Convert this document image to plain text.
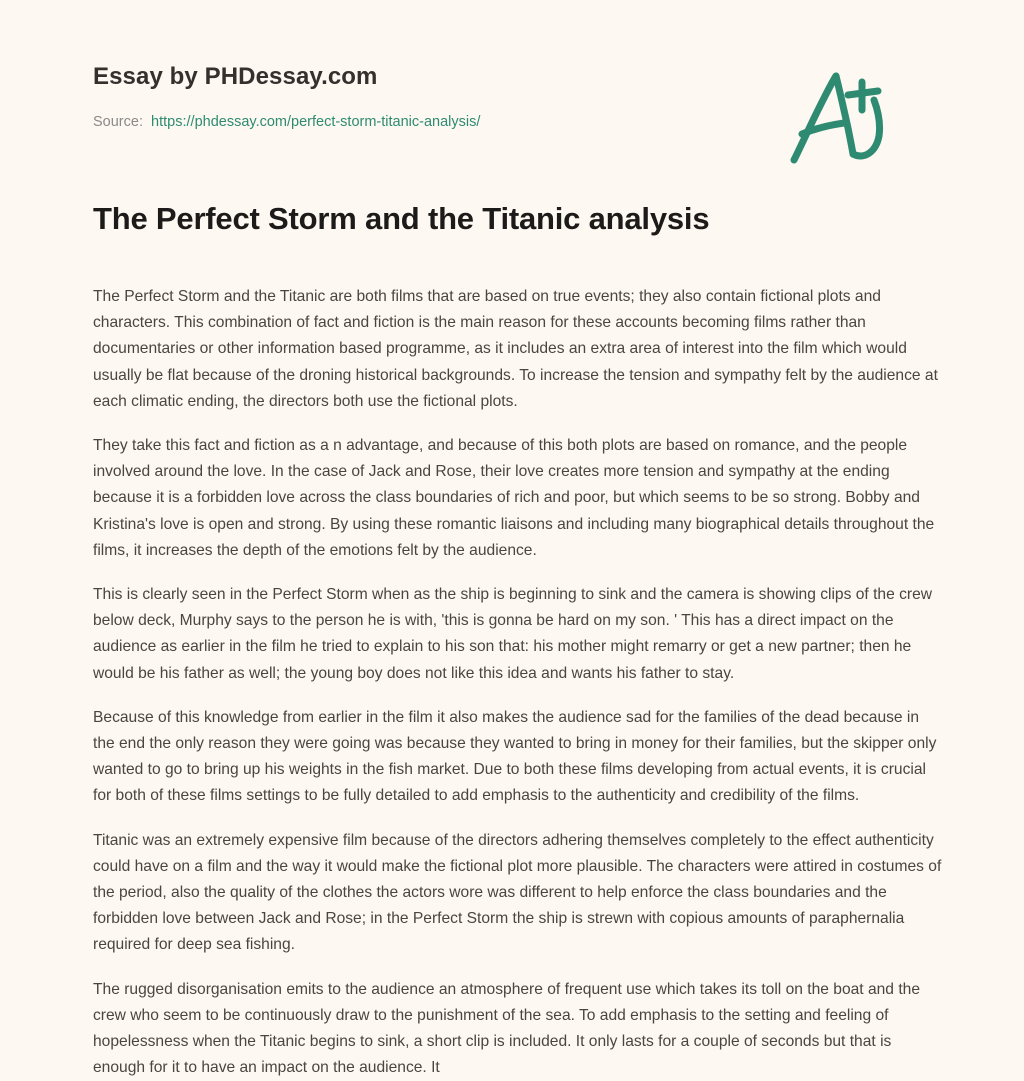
Essay by PHDessay.com
Source: https://phdessay.com/perfect-storm-titanic-analysis/
The Perfect Storm and the Titanic analysis

The Perfect Storm and the Titanic are both films that are based on true events; they also contain fictional plots and characters. This combination of fact and fiction is the main reason for these accounts becoming films rather than documentaries or other information based programme, as it includes an extra area of interest into the film which would usually be flat because of the droning historical backgrounds. To increase the tension and sympathy felt by the audience at each climatic ending, the directors both use the fictional plots.

They take this fact and fiction as a n advantage, and because of this both plots are based on romance, and the people involved around the love. In the case of Jack and Rose, their love creates more tension and sympathy at the ending because it is a forbidden love across the class boundaries of rich and poor, but which seems to be so strong. Bobby and Kristina's love is open and strong. By using these romantic liaisons and including many biographical details throughout the films, it increases the depth of the emotions felt by the audience.

This is clearly seen in the Perfect Storm when as the ship is beginning to sink and the camera is showing clips of the crew below deck, Murphy says to the person he is with, 'this is gonna be hard on my son. ' This has a direct impact on the audience as earlier in the film he tried to explain to his son that: his mother might remarry or get a new partner; then he would be his father as well; the young boy does not like this idea and wants his father to stay.

Because of this knowledge from earlier in the film it also makes the audience sad for the families of the dead because in the end the only reason they were going was because they wanted to bring in money for their families, but the skipper only wanted to go to bring up his weights in the fish market. Due to both these films developing from actual events, it is crucial for both of these films settings to be fully detailed to add emphasis to the authenticity and credibility of the films.

Titanic was an extremely expensive film because of the directors adhering themselves completely to the effect authenticity could have on a film and the way it would make the fictional plot more plausible. The characters were attired in costumes of the period, also the quality of the clothes the actors wore was different to help enforce the class boundaries and the forbidden love between Jack and Rose; in the Perfect Storm the ship is strewn with copious amounts of paraphernalia required for deep sea fishing.

The rugged disorganisation emits to the audience an atmosphere of frequent use which takes its toll on the boat and the crew who seem to be continuously draw to the punishment of the sea. To add emphasis to the setting and feeling of hopelessness when the Titanic begins to sink, a short clip is included. It only lasts for a couple of seconds but that is enough for it to have an impact on the audience. It
